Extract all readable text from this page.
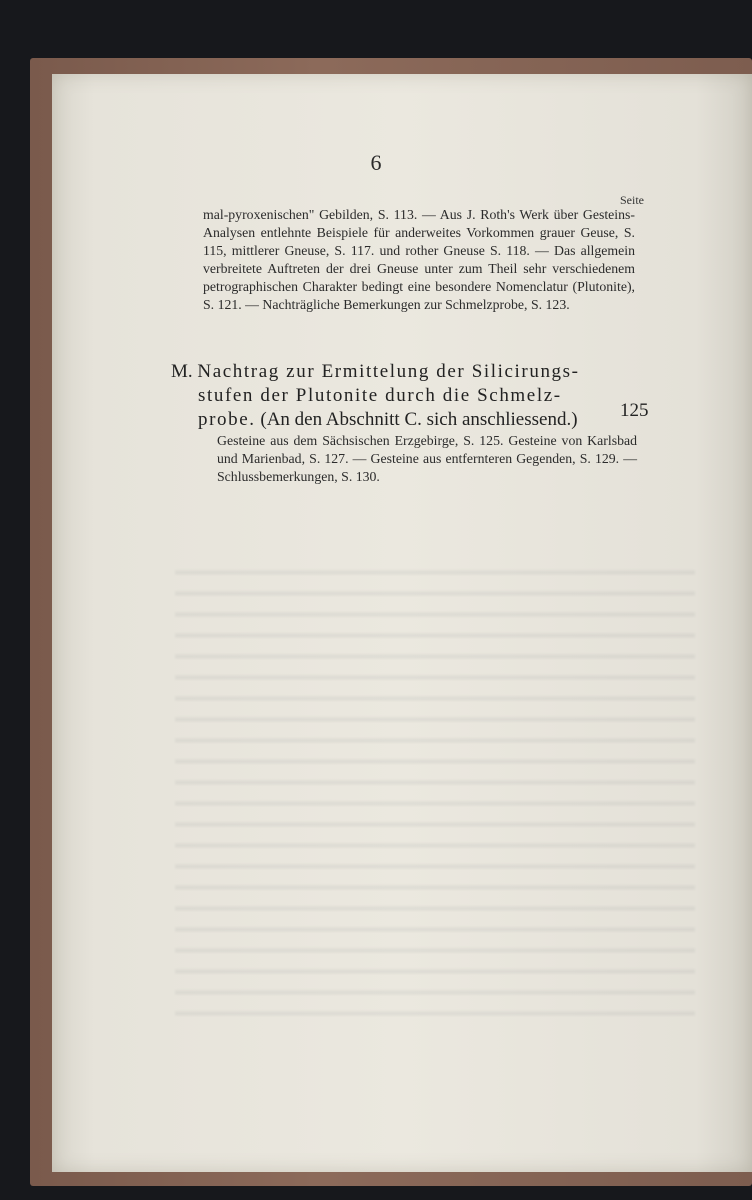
6
Seite
mal-pyroxenischen" Gebilden, S. 113. — Aus J. Roth's Werk über Gesteins-Analysen entlehnte Beispiele für anderweites Vorkommen grauer Geuse, S. 115, mittlerer Gneuse, S. 117. und rother Gneuse S. 118. — Das allgemein verbreitete Auftreten der drei Gneuse unter zum Theil sehr verschiedenem petrographischen Charakter bedingt eine besondere Nomenclatur (Plutonite), S. 121. — Nachträgliche Bemerkungen zur Schmelzprobe, S. 123.
M. Nachtrag zur Ermittelung der Silicirungs-
stufen der Plutonite durch die Schmelz-
probe. (An den Abschnitt C. sich anschliessend.)	125
Gesteine aus dem Sächsischen Erzgebirge, S. 125. Gesteine von Karlsbad und Marienbad, S. 127. — Gesteine aus entfernteren Gegenden, S. 129. — Schlussbemerkungen, S. 130.
